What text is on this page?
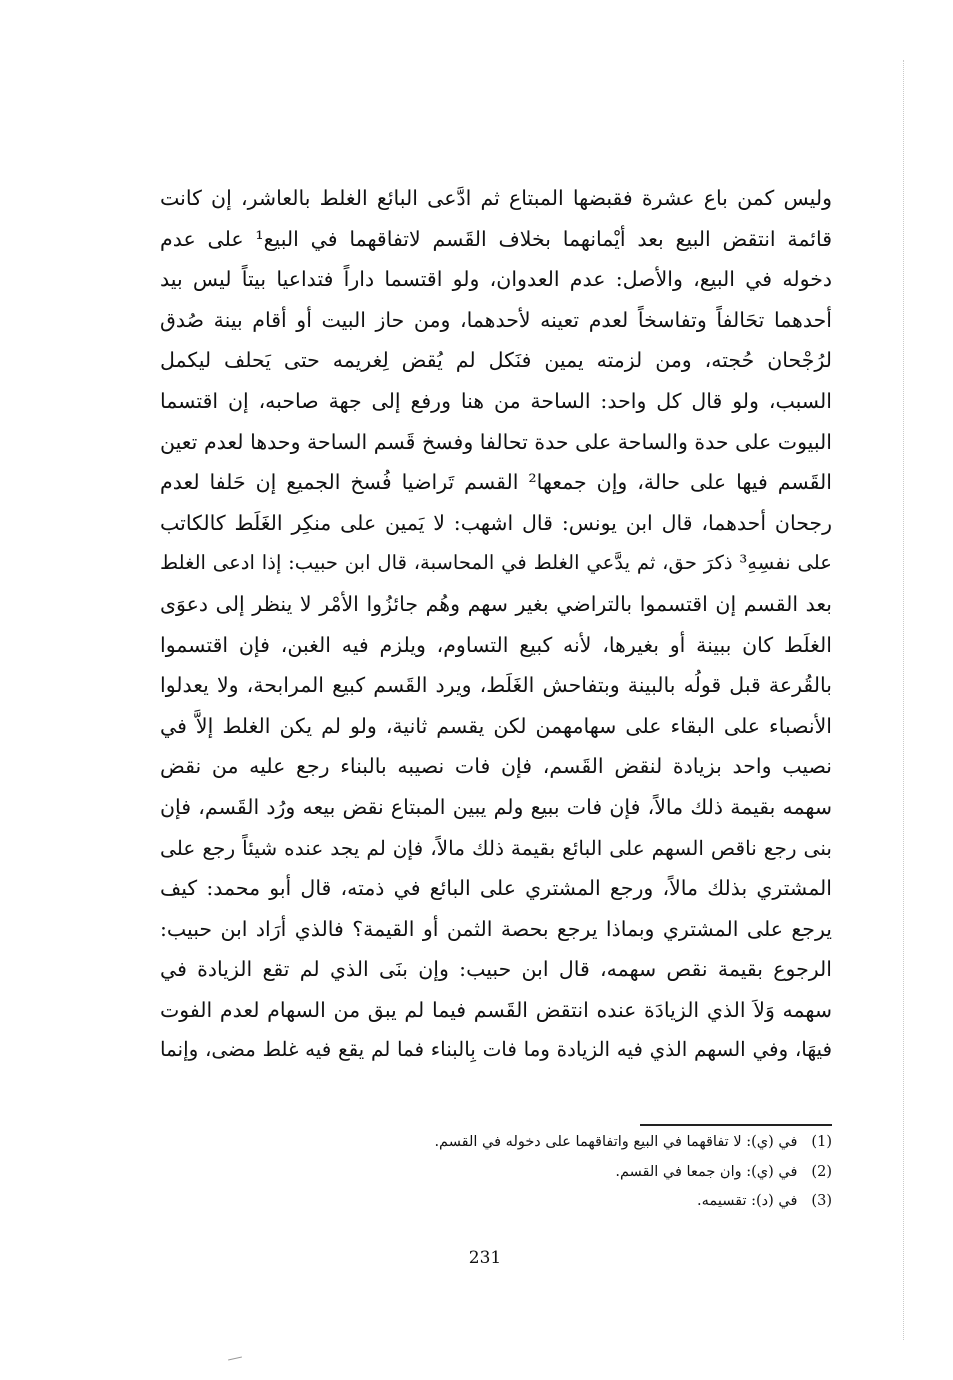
وليس كمن باع عشرة فقبضها المبتاع ثم ادَّعى البائع الغلط بالعاشر، إن كانت
قائمة انتقض البيع بعد أيْمانهما بخلاف القَسم لاتفاقهما في البيع¹ على عدم
دخوله في البيع، والأصل: عدم العدوان، ولو اقتسما داراً فتداعيا بيتاً ليس بيد
أحدهما تحَالفاً وتفاسخاً لعدم تعينه لأحدهما، ومن حاز البيت أو أقام بينة صُدق
لرُجْحان حُجته، ومن لزمته يمين فنَكل لم يُقض لِغريمه حتى يَحلف ليكمل
السبب، ولو قال كل واحد: الساحة من هنا ورفع إلى جهة صاحبه، إن اقتسما
البيوت على حدة والساحة على حدة تحالفا وفسخ قَسم الساحة وحدها لعدم تعين
القَسم فيها على حالة، وإن جمعها² القسم تَراضيا فُسخ الجميع إن حَلفا لعدم
رجحان أحدهما، قال ابن يونس: قال اشهب: لا يَمين على منكِر الغَلَط كالكاتب
على نفسِهِ³ ذكرَ حق، ثم يدَّعي الغلط في المحاسبة، قال ابن حبيب: إذا ادعى الغلط
بعد القسم إن اقتسموا بالتراضي بغير سهم وهُم جائزُوا الأمْر لا ينظر إلى دعوَى
الغلَط كان ببينة أو بغيرها، لأنه كبيع التساوم، ويلزم فيه الغبن، فإن اقتسموا
بالقُرعة قبل قولُه بالبينة وبتفاحش الغَلَط، ويرد القَسم كبيع المرابحة، ولا يعدلوا
الأنصباء على البقاء على سهامهمن لكن يقسم ثانية، ولو لم يكن الغلط إلاَّ في
نصيب واحد بزيادة لنقض القَسم، فإن فات نصيبه بالبناء رجع عليه من نقض
سهمه بقيمة ذلك مالاً، فإن فات ببيع ولم يبين المبتاع نقض بيعه ورُد القَسم، فإن
بنى رجع ناقص السهم على البائع بقيمة ذلك مالاً، فإن لم يجد عنده شيئاً رجع على
المشتري بذلك مالاً، ورجع المشتري على البائع في ذمته، قال أبو محمد: كيف
يرجع على المشتري وبماذا يرجع بحصة الثمن أو القيمة؟ فالذي أرَاد ابن حبيب:
الرجوع بقيمة نقص سهمه، قال ابن حبيب: وإن بنَى الذي لم تقع الزيادة في
سهمه وَلاَ الذي الزيادَة عنده انتقض القَسم فيما لم يبق من السهام لعدم الفوت
فيهَا، وفي السهم الذي فيه الزيادة وما فات بِالبناء فما لم يقع فيه غلط مضى، وإنما
(1) في (ي): لا تفاقهما في البيع واتفاقهما على دخوله في القسم.
(2) في (ي): وان جمعا في القسم.
(3) في (د): تقسيمه.
231
